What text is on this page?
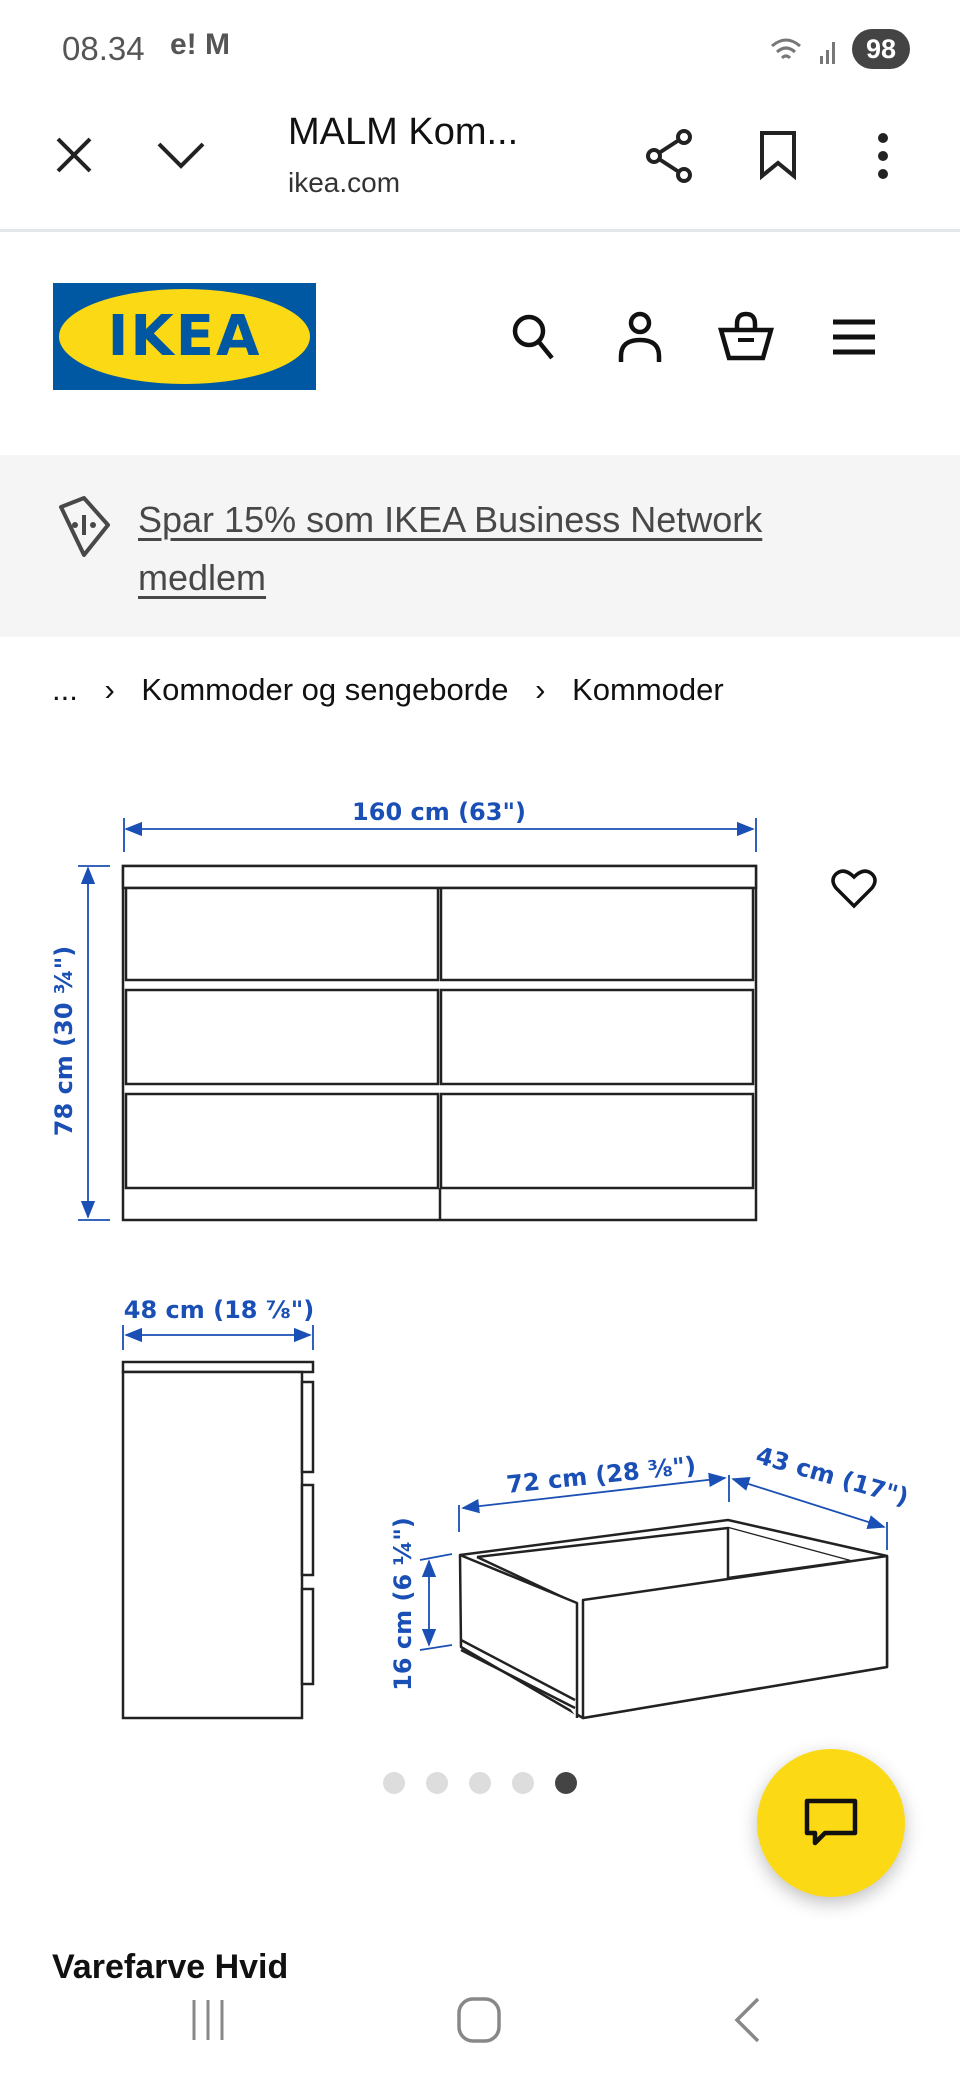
08.34 e! M	98
MALM Kom...
ikea.com
IKEA
Spar 15% som IKEA Business Network medlem
... › Kommoder og sengeborde › Kommoder
160 cm (63")
78 cm (30 ¾")
48 cm (18 ⅞")
72 cm (28 ⅜") 43 cm (17")
16 cm (6 ¼")
Varefarve Hvid
